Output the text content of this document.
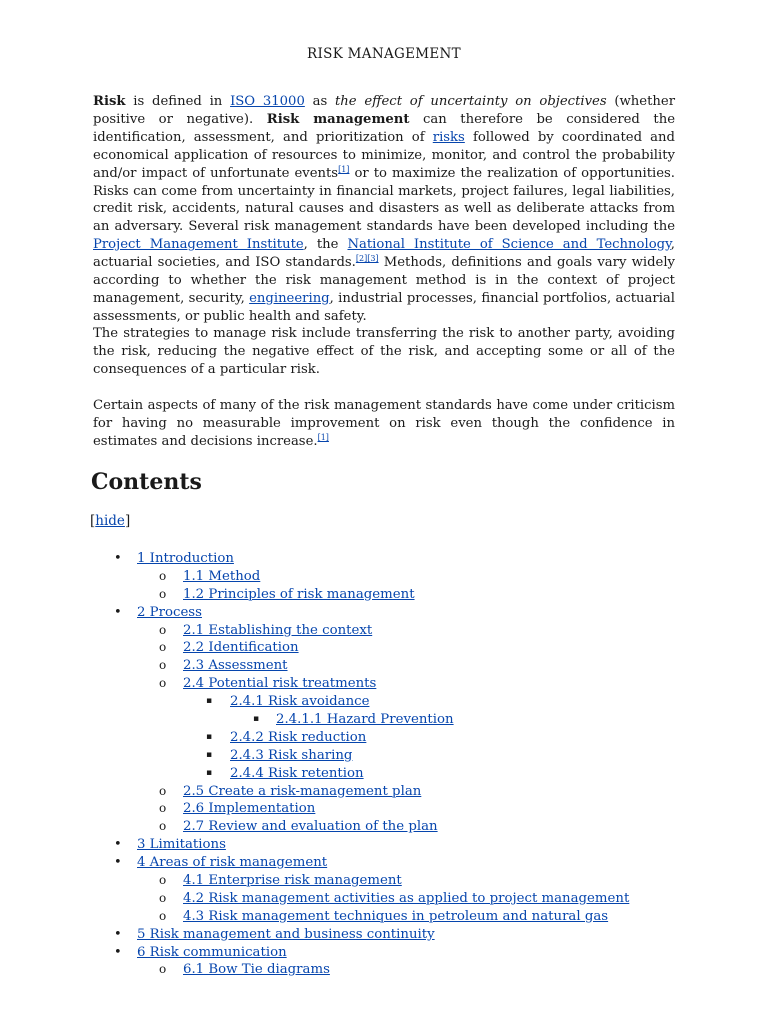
RISK MANAGEMENT
Risk is defined in ISO 31000 as the effect of uncertainty on objectives (whether positive or negative). Risk management can therefore be considered the identification, assessment, and prioritization of risks followed by coordinated and economical application of resources to minimize, monitor, and control the probability and/or impact of unfortunate events[1] or to maximize the realization of opportunities. Risks can come from uncertainty in financial markets, project failures, legal liabilities, credit risk, accidents, natural causes and disasters as well as deliberate attacks from an adversary. Several risk management standards have been developed including the Project Management Institute, the National Institute of Science and Technology, actuarial societies, and ISO standards.[2][3] Methods, definitions and goals vary widely according to whether the risk management method is in the context of project management, security, engineering, industrial processes, financial portfolios, actuarial assessments, or public health and safety.
The strategies to manage risk include transferring the risk to another party, avoiding the risk, reducing the negative effect of the risk, and accepting some or all of the consequences of a particular risk.
Certain aspects of many of the risk management standards have come under criticism for having no measurable improvement on risk even though the confidence in estimates and decisions increase.[1]
Contents
[hide]
• 1 Introduction
o 1.1 Method
o 1.2 Principles of risk management
• 2 Process
o 2.1 Establishing the context
o 2.2 Identification
o 2.3 Assessment
o 2.4 Potential risk treatments
▪ 2.4.1 Risk avoidance
▪ 2.4.1.1 Hazard Prevention
▪ 2.4.2 Risk reduction
▪ 2.4.3 Risk sharing
▪ 2.4.4 Risk retention
o 2.5 Create a risk-management plan
o 2.6 Implementation
o 2.7 Review and evaluation of the plan
• 3 Limitations
• 4 Areas of risk management
o 4.1 Enterprise risk management
o 4.2 Risk management activities as applied to project management
o 4.3 Risk management techniques in petroleum and natural gas
• 5 Risk management and business continuity
• 6 Risk communication
o 6.1 Bow Tie diagrams
